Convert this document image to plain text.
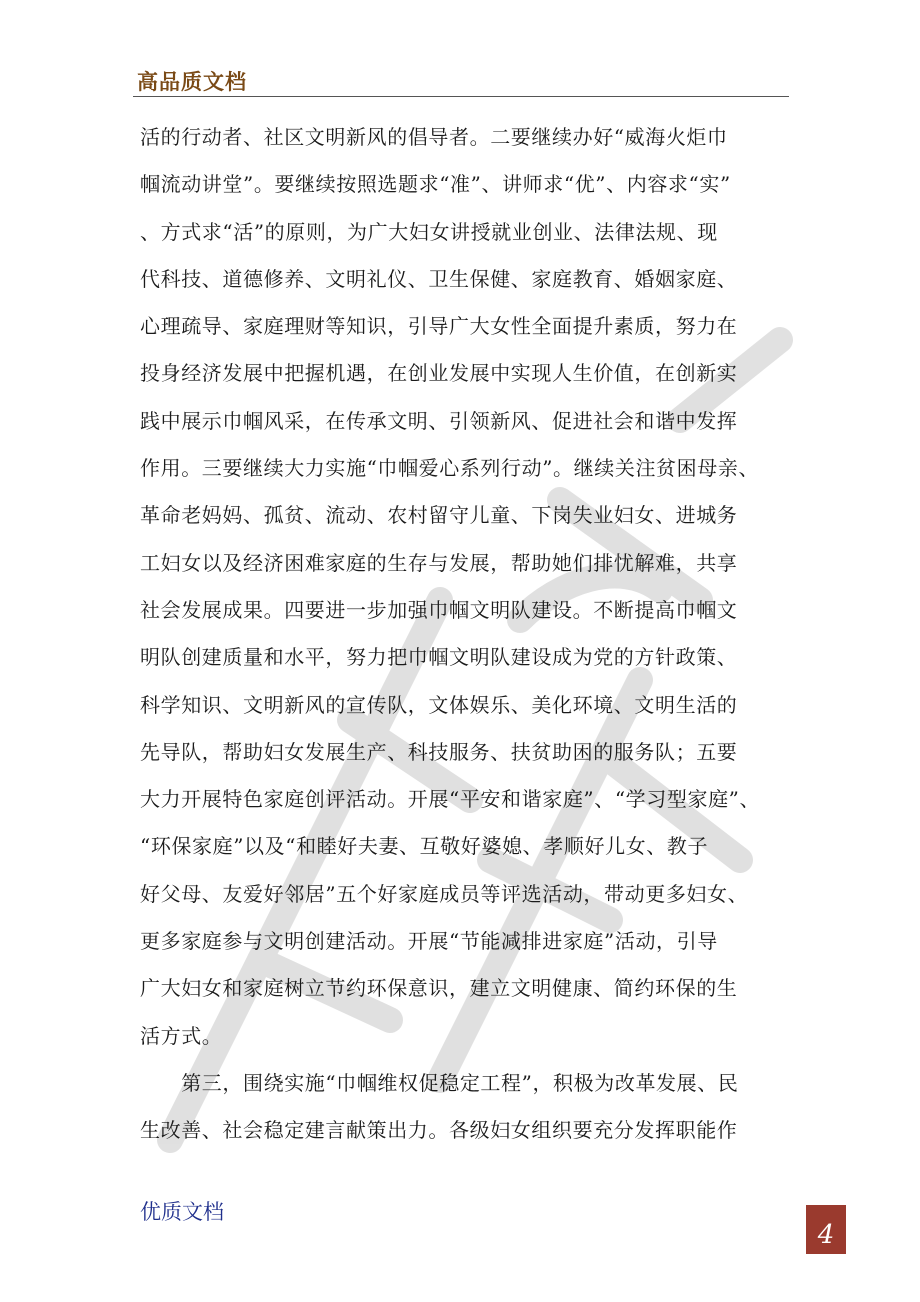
高品质文档
活的行动者、社区文明新风的倡导者。二要继续办好“威海火炬巾
帼流动讲堂”。要继续按照选题求“准”、讲师求“优”、内容求“实”
、方式求“活”的原则，为广大妇女讲授就业创业、法律法规、现
代科技、道德修养、文明礼仪、卫生保健、家庭教育、婚姻家庭、
心理疏导、家庭理财等知识，引导广大女性全面提升素质，努力在
投身经济发展中把握机遇，在创业发展中实现人生价值，在创新实
践中展示巾帼风采，在传承文明、引领新风、促进社会和谐中发挥
作用。三要继续大力实施“巾帼爱心系列行动”。继续关注贫困母亲、
革命老妈妈、孤贫、流动、农村留守儿童、下岗失业妇女、进城务
工妇女以及经济困难家庭的生存与发展，帮助她们排忧解难，共享
社会发展成果。四要进一步加强巾帼文明队建设。不断提高巾帼文
明队创建质量和水平，努力把巾帼文明队建设成为党的方针政策、
科学知识、文明新风的宣传队，文体娱乐、美化环境、文明生活的
先导队，帮助妇女发展生产、科技服务、扶贫助困的服务队；五要
大力开展特色家庭创评活动。开展“平安和谐家庭”、“学习型家庭”、
“环保家庭”以及“和睦好夫妻、互敬好婆媳、孝顺好儿女、教子
好父母、友爱好邻居”五个好家庭成员等评选活动，带动更多妇女、
更多家庭参与文明创建活动。开展“节能减排进家庭”活动，引导
广大妇女和家庭树立节约环保意识，建立文明健康、简约环保的生
活方式。
　　第三，围绕实施“巾帼维权促稳定工程”，积极为改革发展、民
生改善、社会稳定建言献策出力。各级妇女组织要充分发挥职能作
优质文档
4
